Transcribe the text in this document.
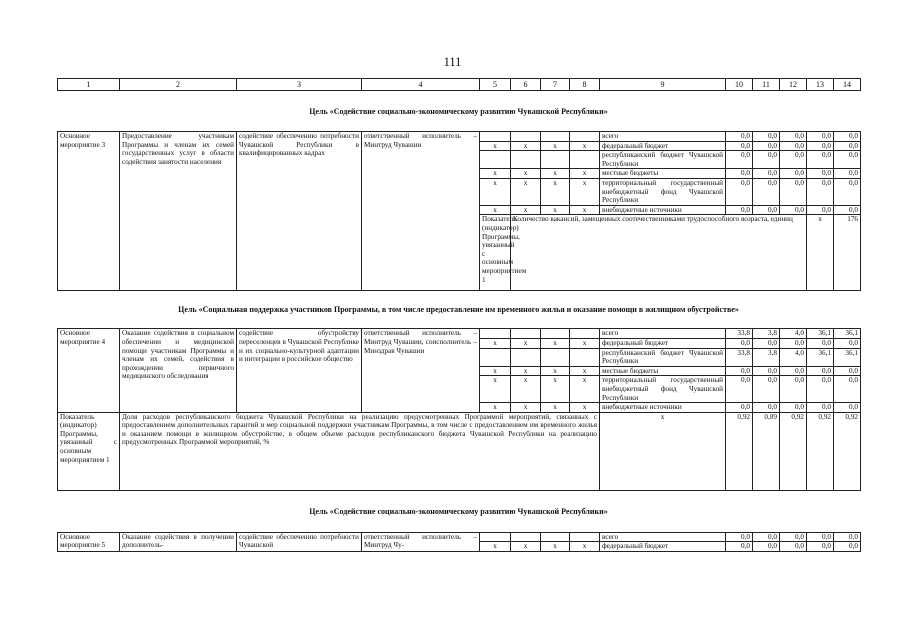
111
1	2	3	4	5	6	7	8	9	10	11	12	13	14

Цель «Содействие социально-экономическому развитию Чувашской Республики»

Основное мероприятие 3	Предоставление участникам Программы и членам их семей государственных услуг в области содействия занятости населения	содействие обеспечению потребности Чувашской Республики в квалифицированных кадрах	ответственный исполнитель – Минтруд Чувашии					всего	0,0	0,0	0,0	0,0	0,0	
				x	x	x	x	федеральный бюджет	0,0	0,0	0,0	0,0	0,0	
								республиканский бюджет Чувашской Республики	0,0	0,0	0,0	0,0	0,0	
				x	x	x	x	местные бюджеты	0,0	0,0	0,0	0,0	0,0	
				x	x	x	x	территориальный государственный внебюджетный фонд Чувашской Республики	0,0	0,0	0,0	0,0	0,0	
				x	x	x	x	внебюджетные источники	0,0	0,0	0,0	0,0	0,0	
				Показатель (индикатор) Программы, увязанный с основным мероприятием 1	Количество вакансий, замещенных соотечественниками трудоспособного возраста, единиц							x	176				

Цель «Социальная поддержка участников Программы, в том числе предоставление им временного жилья и оказание помощи в жилищном обустройстве»

Основное мероприятие 4	Оказание содействия в социальном обеспечении и медицинской помощи участникам Программы и членам их семей, содействия в прохождении первичного медицинского обследования	содействие обустройству переселенцев в Чувашской Республике и их социально-культурной адаптации и интеграции в российское общество	ответственный исполнитель – Минтруд Чувашии, соисполнитель – Минздрав Чувашии					всего	33,8	3,8	4,0	36,1	36,1
				x	x	x	x	федеральный бюджет	0,0	0,0	0,0	0,0	0,0
								республиканский бюджет Чувашской Республики	33,8	3,8	4,0	36,1	36,1
				x	x	x	x	местные бюджеты	0,0	0,0	0,0	0,0	0,0
				x	x	x	x	территориальный государственный внебюджетный фонд Чувашской Республики	0,0	0,0	0,0	0,0	0,0
				x	x	x	x	внебюджетные источники	0,0	0,0	0,0	0,0	0,0
Показатель (индикатор) Программы, увязанный с основным мероприятием 1	Доля расходов республиканского бюджета Чувашской Республики на реализацию предусмотренных Программой мероприятий, связанных с предоставлением дополнительных гарантий и мер социальной поддержки участникам Программы, в том числе с предоставлением им временного жилья и оказанием помощи в жилищном обустройстве, в общем объеме расходов республиканского бюджета Чувашской Республики на реализацию предусмотренных Программой мероприятий, %							x	0,92	0,89	0,92	0,92	0,92

Цель «Содействие социально-экономическому развитию Чувашской Республики»

Основное мероприятие 5	Оказание содействия в получении дополнитель-	содействие обеспечению потребности Чувашской	ответственный исполнитель – Минтруд Чу-					всего	0,0	0,0	0,0	0,0	0,0
				x	x	x	x	федеральный бюджет	0,0	0,0	0,0	0,0	0,0
